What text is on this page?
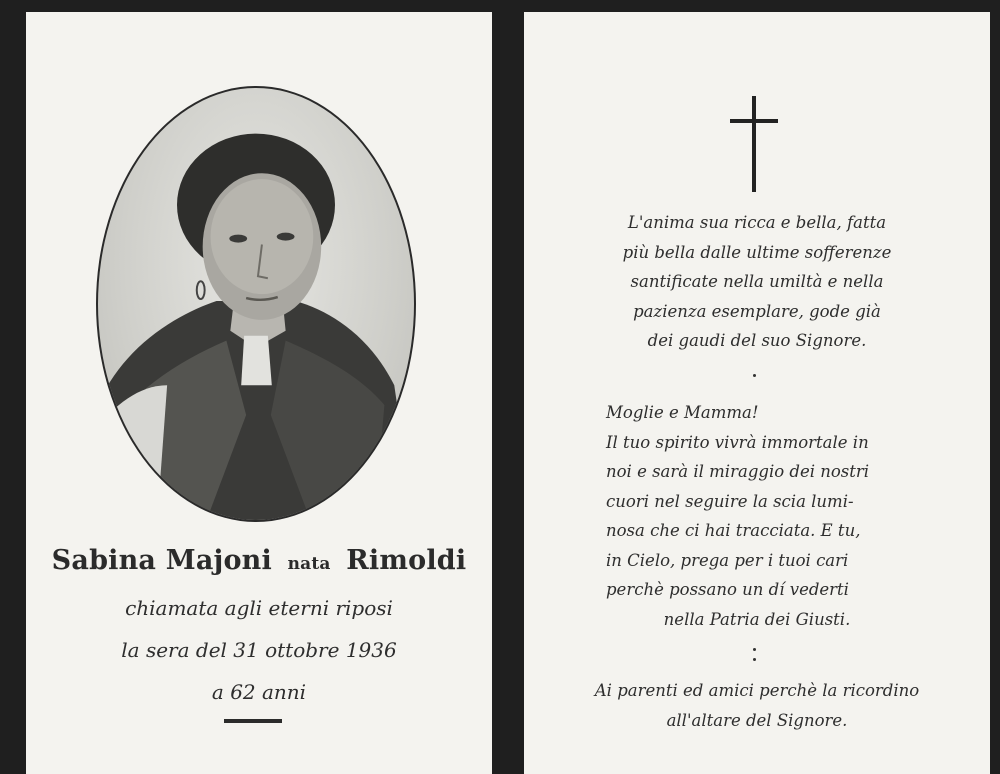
Sabina Majoni nata Rimoldi
chiamata agli eterni riposi
la sera del 31 ottobre 1936
a 62 anni
L'anima sua ricca e bella, fatta
più bella dalle ultime sofferenze
santificate nella umiltà e nella
pazienza esemplare, gode già
dei gaudi del suo Signore.
Moglie e Mamma!
Il tuo spirito vivrà immortale in
noi e sarà il miraggio dei nostri
cuori nel seguire la scia lumi-
nosa che ci hai tracciata. E tu,
in Cielo, prega per i tuoi cari
perchè possano un dí vederti
nella Patria dei Giusti.
Ai parenti ed amici perchè la ricordino
all'altare del Signore.
